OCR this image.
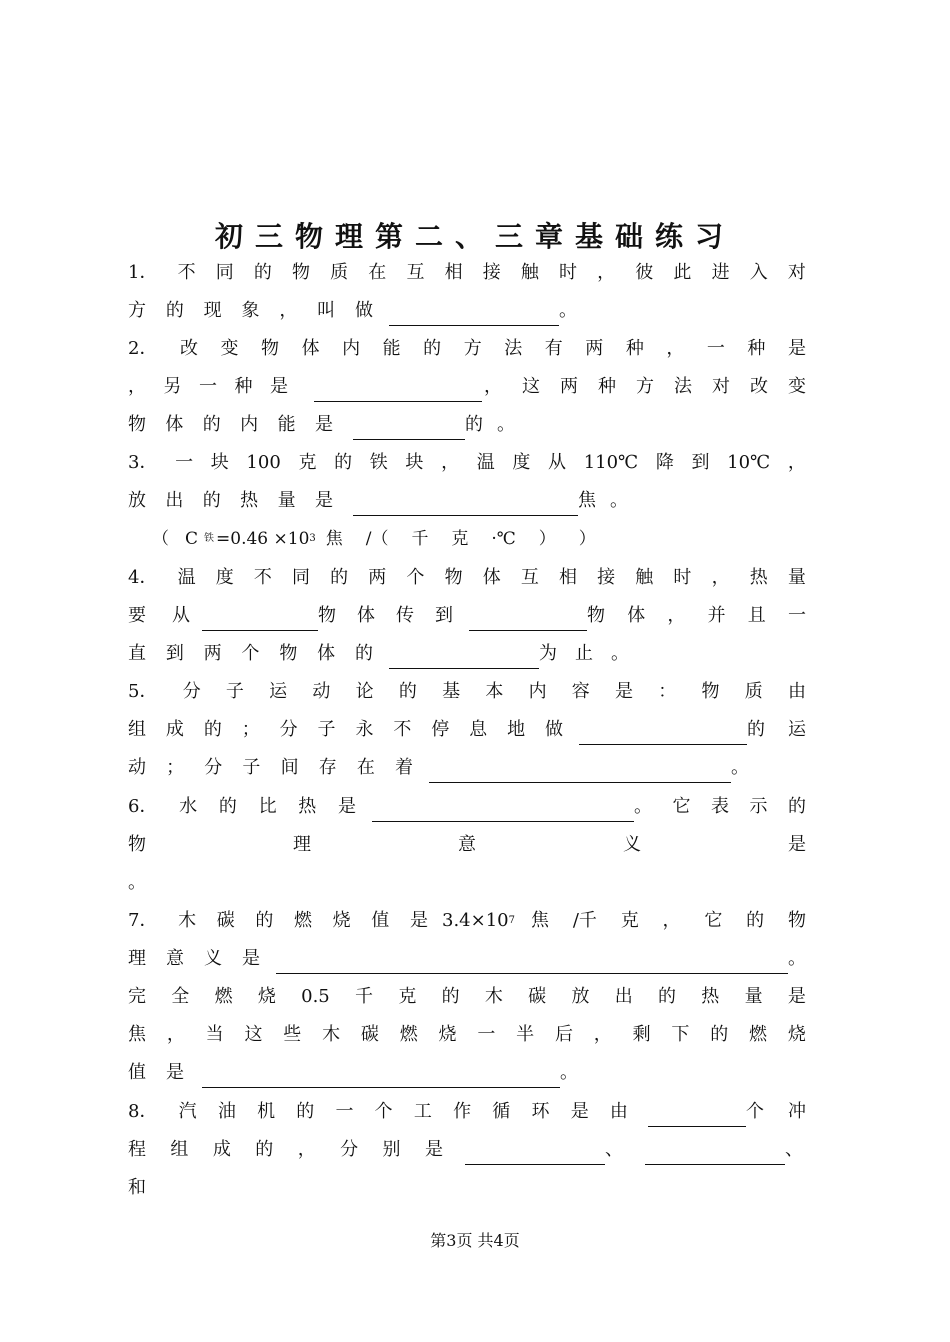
初三物理第二、三章基础练习
1． 不 同 的 物 质 在 互 相 接 触 时 ， 彼 此 进 入 对
方 的 现 象 ， 叫 做	。
2． 改 变 物 体 内 能 的 方 法 有 两 种 ， 一 种 是
， 另 一 种 是	， 这 两 种 方 法 对 改 变
物 体 的 内 能 是	的 。
3． 一 块 100 克 的 铁 块 ， 温 度 从 110℃ 降 到 10℃ ，
放 出 的 热 量 是	焦 。
（ C 铁 =0.46 ×10 3 焦 /（ 千 克 ·℃ ） ）
4． 温 度 不 同 的 两 个 物 体 互 相 接 触 时 ， 热 量
要 从	物 体 传 到	物 体 ， 并 且 一
直 到 两 个 物 体 的	为 止 。
5． 分 子 运 动 论 的 基 本 内 容 是 ： 物 质 由
组 成 的 ； 分 子 永 不 停 息 地 做	的 运
动 ； 分 子 间 存 在 着	。
6． 水 的 比 热 是	。 它 表 示 的
物	理	意	义	是
。
7． 木 碳 的 燃 烧 值 是 3.4×10 7 焦 /千 克 ， 它 的 物
理 意 义 是	。
完 全 燃 烧 0.5 千 克 的 木 碳 放 出 的 热 量 是
焦 ， 当 这 些 木 碳 燃 烧 一 半 后 ， 剩 下 的 燃 烧
值 是	。
8． 汽 油 机 的 一 个 工 作 循 环 是 由	个 冲
程 组 成 的 ， 分 别 是	、	、
和
第3页 共4页
